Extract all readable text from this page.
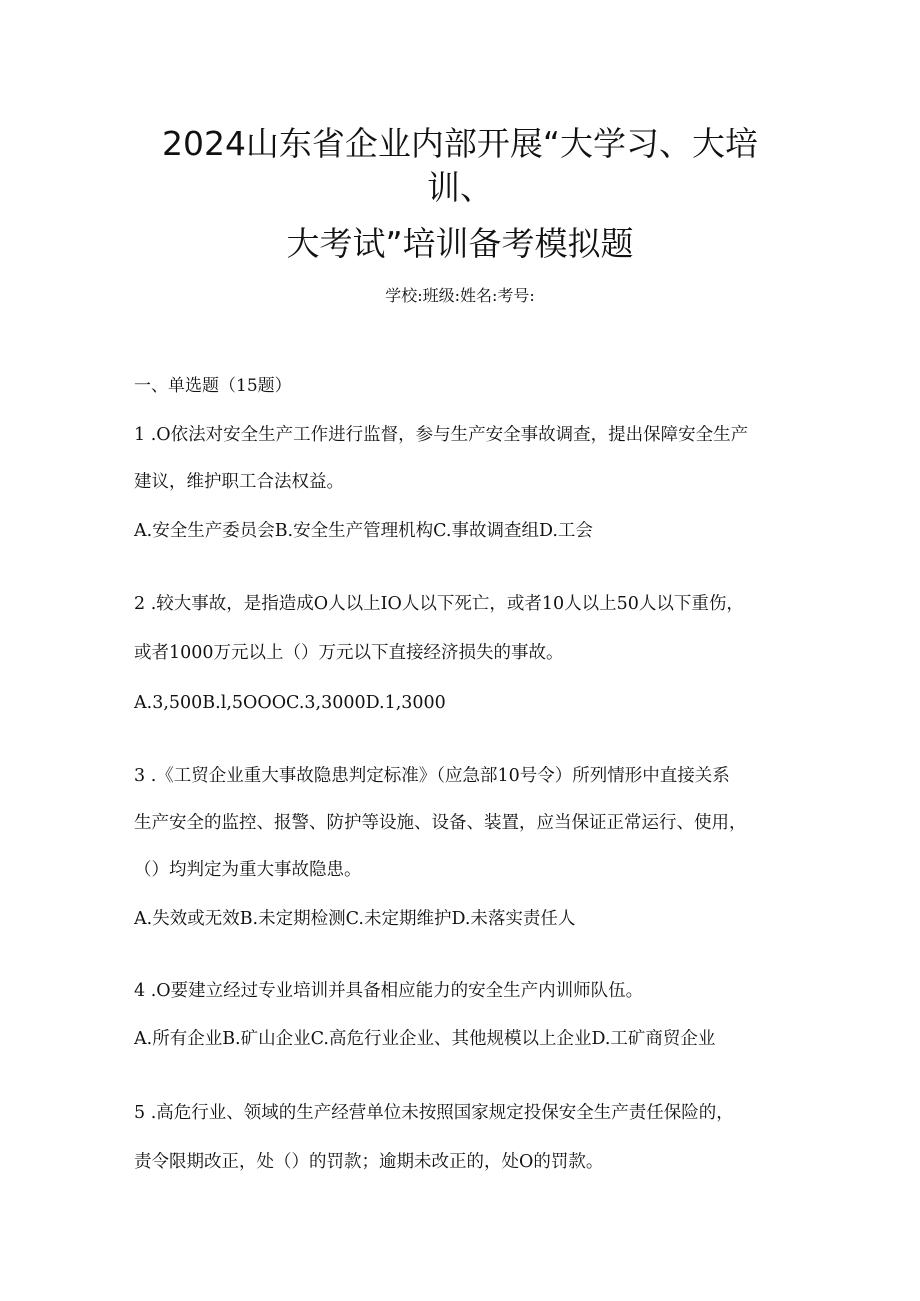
2024山东省企业内部开展“大学习、大培
训、
大考试”培训备考模拟题
学校:班级:姓名:考号:
一、单选题（15题）
1 .O依法对安全生产工作进行监督，参与生产安全事故调查，提出保障安全生产
建议，维护职工合法权益。
A.安全生产委员会B.安全生产管理机构C.事故调查组D.工会
2 .较大事故，是指造成O人以上IO人以下死亡，或者10人以上50人以下重伤，
或者1000万元以上（）万元以下直接经济损失的事故。
A.3,500B.l,5OOOC.3,3000D.1,3000
3 .《工贸企业重大事故隐患判定标准》（应急部10号令）所列情形中直接关系
生产安全的监控、报警、防护等设施、设备、装置，应当保证正常运行、使用，
（）均判定为重大事故隐患。
A.失效或无效B.未定期检测C.未定期维护D.未落实责任人
4 .O要建立经过专业培训并具备相应能力的安全生产内训师队伍。
A.所有企业B.矿山企业C.高危行业企业、其他规模以上企业D.工矿商贸企业
5 .高危行业、领域的生产经营单位未按照国家规定投保安全生产责任保险的，
责令限期改正，处（）的罚款；逾期未改正的，处O的罚款。
